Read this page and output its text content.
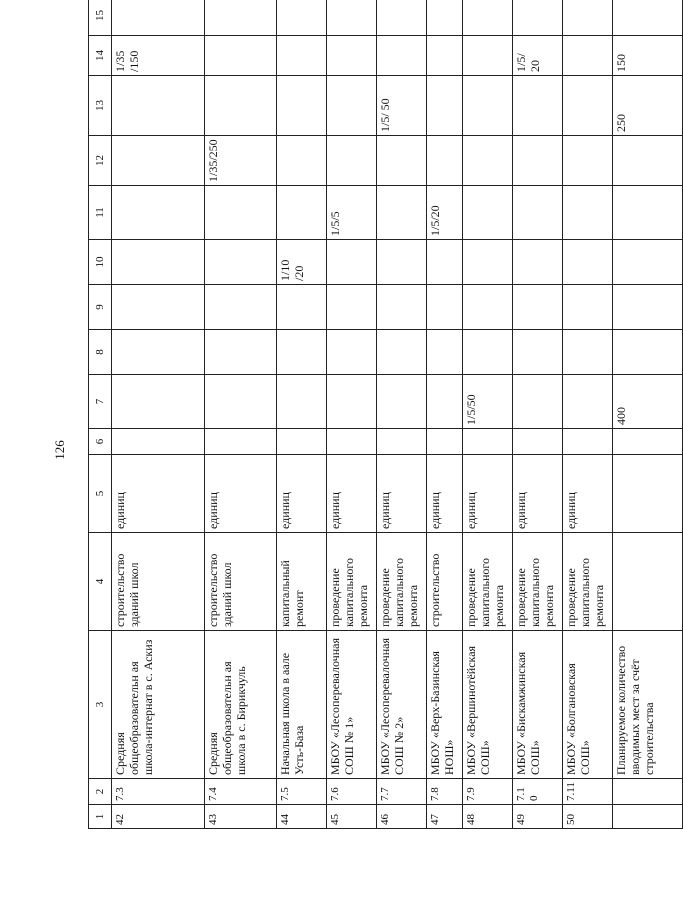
126
1	2	3	4	5	6	7	8	9	10	11	12	13	14	15	
42	7.3	Средняя общеобразовательн ая школа-интернат в с. Аскиз	строительство зданий школ	единиц									1/35 /150		
43	7.4	Средняя общеобразовательн ая школа в с. Бирикчуль	строительство зданий школ	единиц							1/35/250				
44	7.5	Начальная школа в аале Усть-База	капитальный ремонт	единиц					1/10 /20						
45	7.6	МБОУ «Лесоперевалочная СОШ № 1»	проведение капитального ремонта	единиц						1/5/5					
46	7.7	МБОУ «Лесоперевалочная СОШ № 2»	проведение капитального ремонта	единиц								1/5/ 50			
47	7.8	МБОУ «Верх-Базинская НОШ»	строительство	единиц						1/5/20					
48	7.9	МБОУ «Вершинотёйская СОШ»	проведение капитального ремонта	единиц		1/5/50									
49	7.10	МБОУ «Бискамжинская СОШ»	проведение капитального ремонта	единиц									1/5/ 20		
50	7.11	МБОУ «Болгановская СОШ»	проведение капитального ремонта	единиц											
		Планируемое количество вводимых мест за счёт строительства				400						250	150		
